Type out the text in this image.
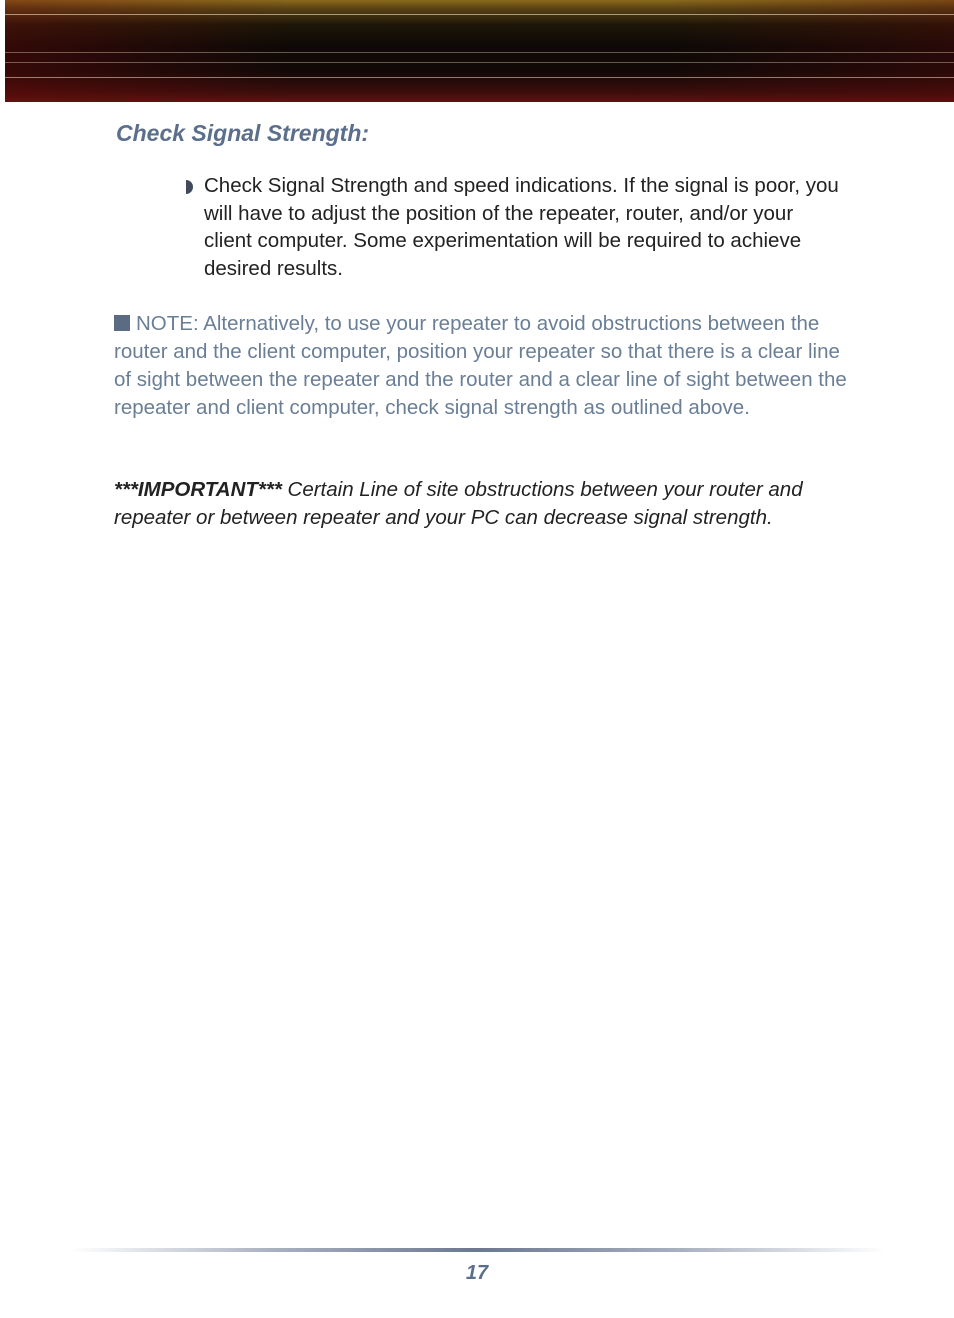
Check Signal Strength:

Check Signal Strength and speed indications. If the signal is poor, you will have to adjust the position of the repeater, router, and/or your client computer. Some experimentation will be required to achieve desired results.

NOTE: Alternatively, to use your repeater to avoid obstructions between the router and the client computer, position your repeater so that there is a clear line of sight between the repeater and the router and a clear line of sight between the repeater and client computer, check signal strength as outlined above.

***IMPORTANT*** Certain Line of site obstructions between your router and repeater or between repeater and your PC can decrease signal strength.

17
